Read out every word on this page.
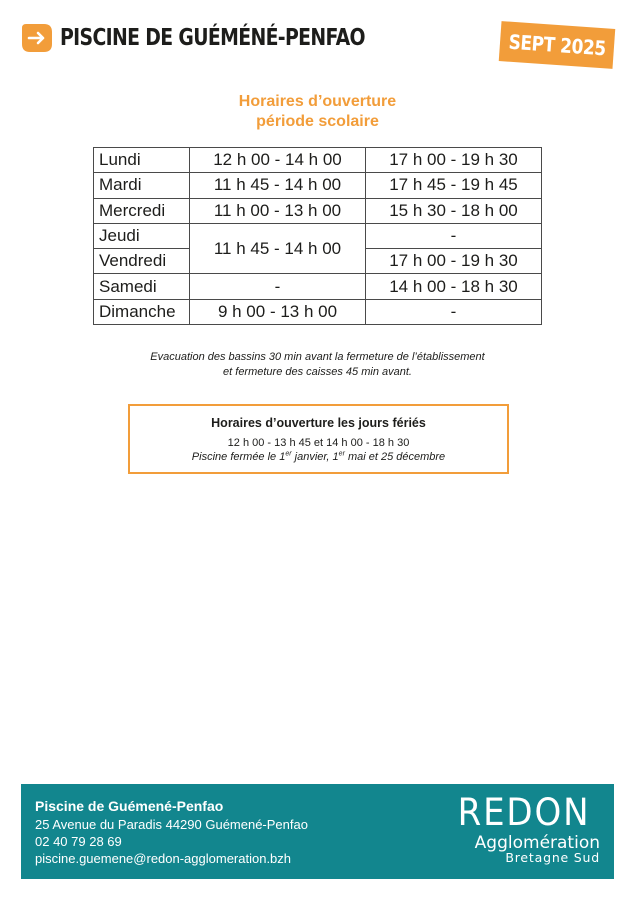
PISCINE DE GUÉMÉNÉ-PENFAO	SEPT 2025
Horaires d’ouverture
période scolaire
Lundi	12 h 00 - 14 h 00	17 h 00 - 19 h 30
Mardi	11 h 45 - 14 h 00	17 h 45 - 19 h 45
Mercredi	11 h 00 - 13 h 00	15 h 30 - 18 h 00
Jeudi	11 h 45 - 14 h 00	-
Vendredi		17 h 00 - 19 h 30
Samedi	-	14 h 00 - 18 h 30
Dimanche	9 h 00 - 13 h 00	-
Evacuation des bassins 30 min avant la fermeture de l’établissement
et fermeture des caisses 45 min avant.
Horaires d’ouverture les jours fériés
12 h 00 - 13 h 45 et 14 h 00 - 18 h 30
Piscine fermée le 1er janvier, 1er mai et 25 décembre
Piscine de Guémené-Penfao
25 Avenue du Paradis 44290 Guémené-Penfao
02 40 79 28 69
piscine.guemene@redon-agglomeration.bzh
REDON
Agglomération
Bretagne Sud
